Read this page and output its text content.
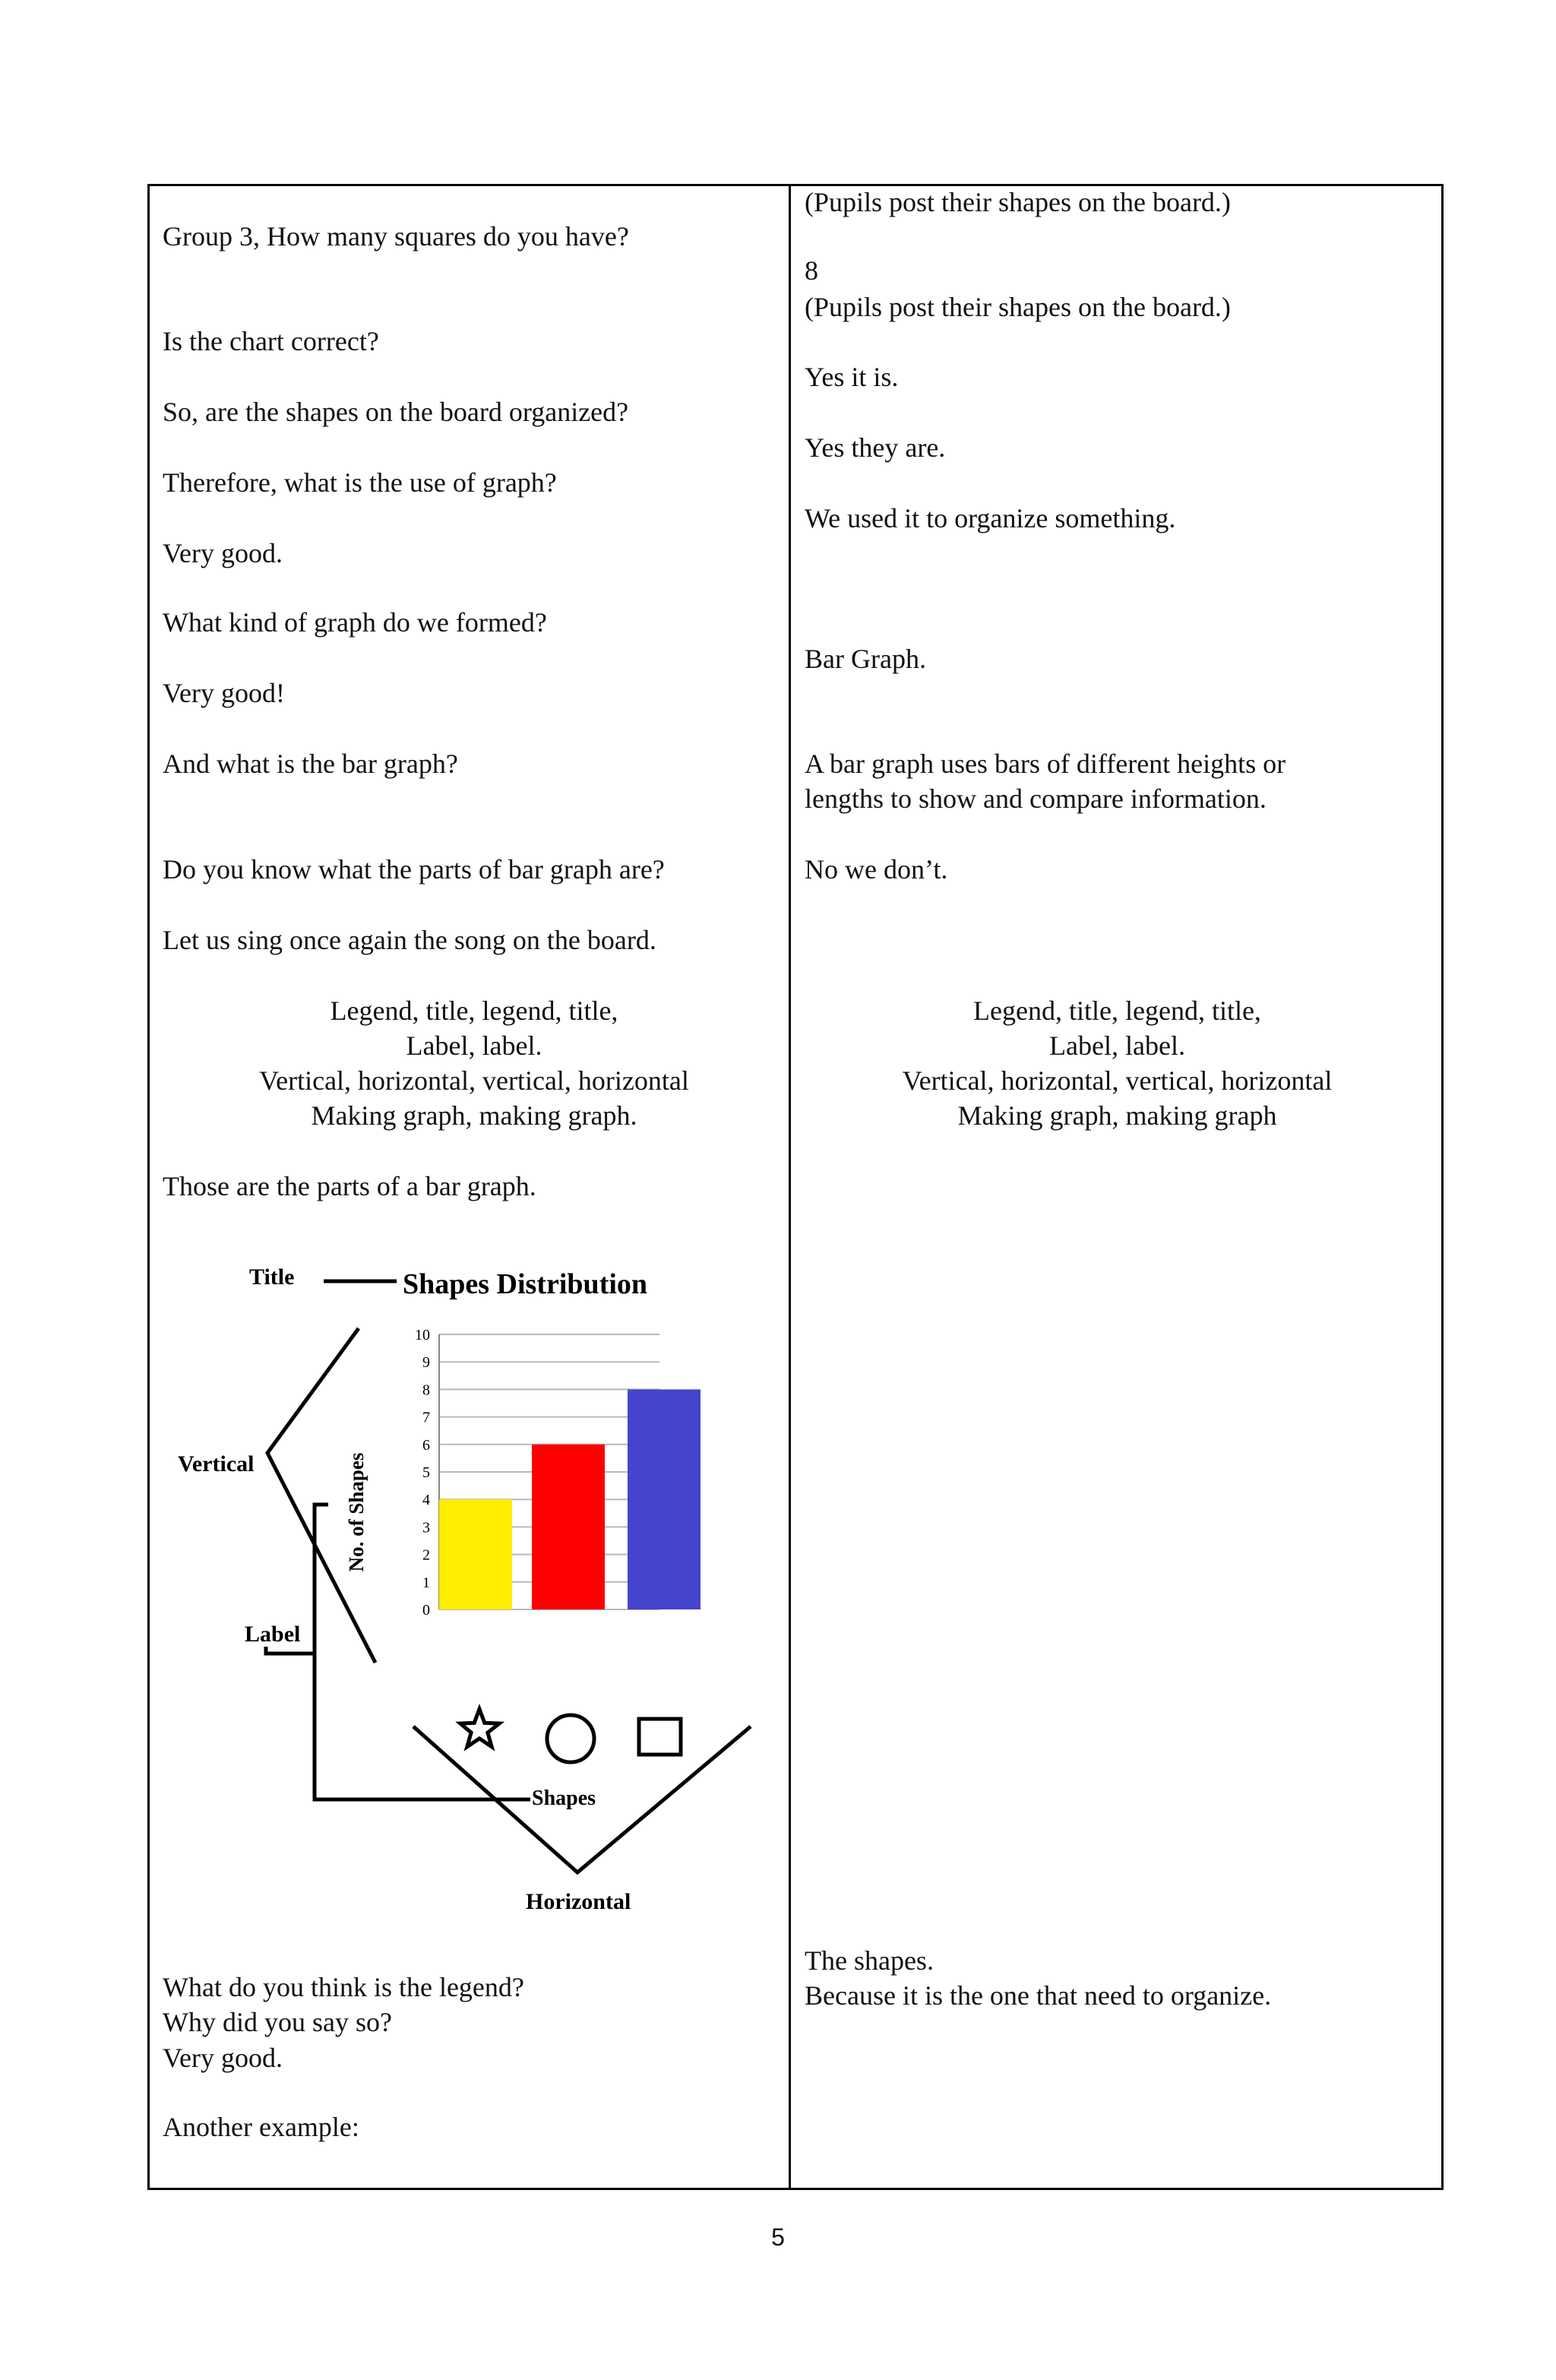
Group 3, How many squares do you have?

Is the chart correct?

So, are the shapes on the board organized?

Therefore, what is the use of graph?

Very good.

What kind of graph do we formed?

Very good!

And what is the bar graph?

Do you know what the parts of bar graph are?

Let us sing once again the song on the board.

Legend, title, legend, title,

Label, label.

Vertical, horizontal, vertical, horizontal

Making graph, making graph.

Those are the parts of a bar graph.

0
1
2
3
4
5
6
7
8
9
10
Shapes Distribution
No. of Shapes
Title
Vertical
Label
Shapes
Horizontal

What do you think is the legend?

Why did you say so?

Very good.

Another example:

(Pupils post their shapes on the board.)

8

(Pupils post their shapes on the board.)

Yes it is.

Yes they are.

We used it to organize something.

Bar Graph.

A bar graph uses bars of different heights or

lengths to show and compare information.

No we don’t.

Legend, title, legend, title,

Label, label.

Vertical, horizontal, vertical, horizontal

Making graph, making graph

The shapes.

Because it is the one that need to organize.

5
